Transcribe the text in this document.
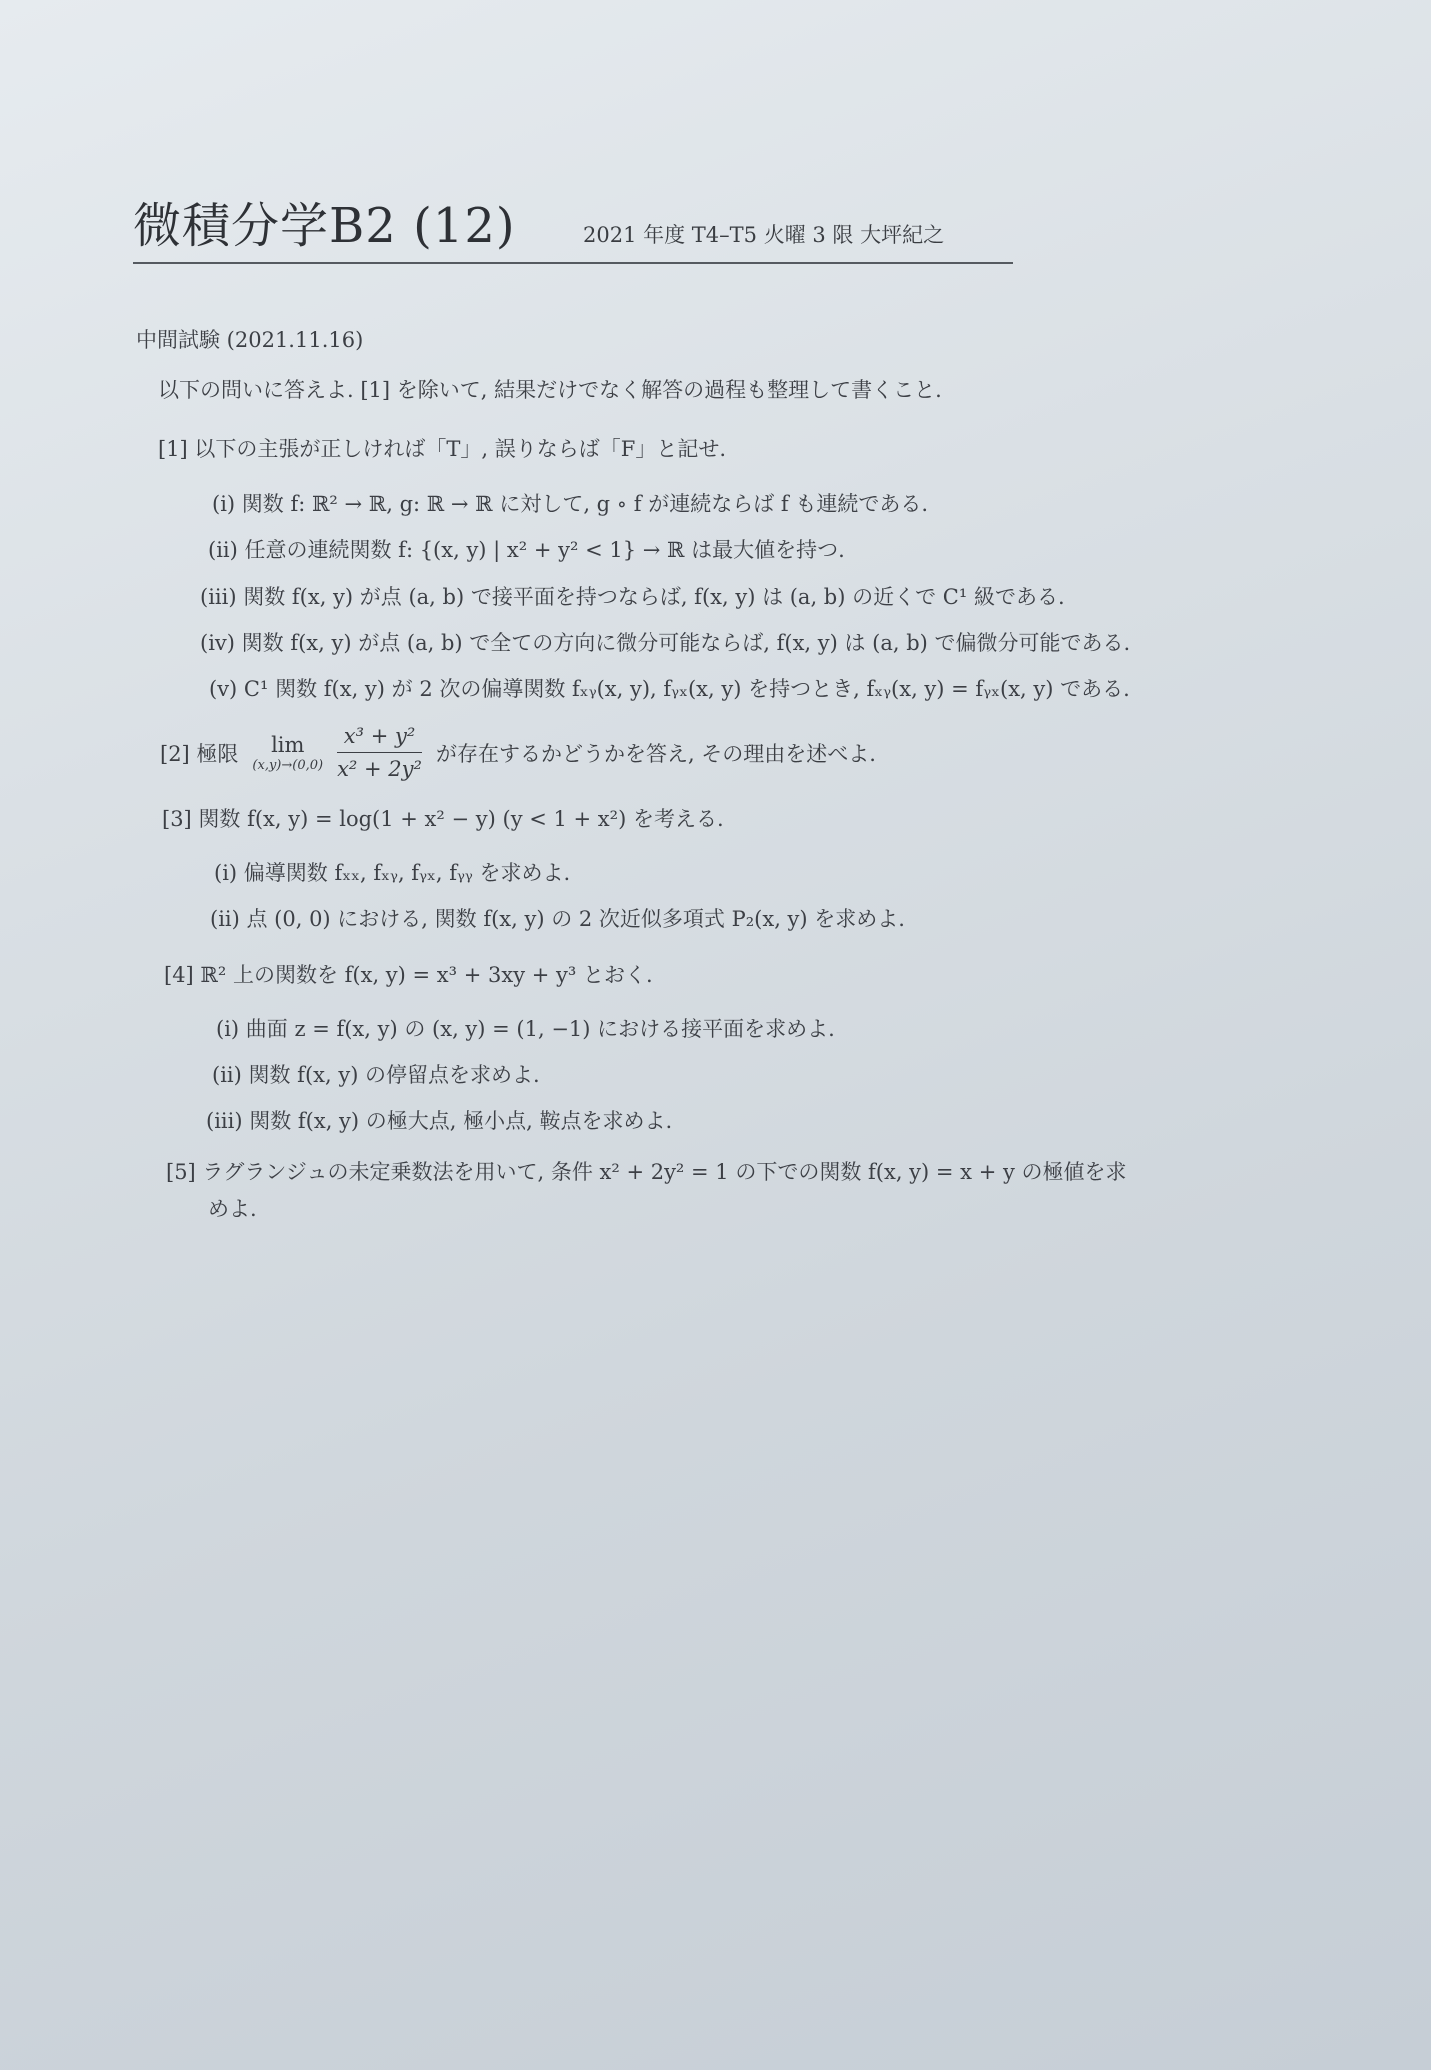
微積分学B2 (12)	2021 年度 T4–T5 火曜 3 限 大坪紀之
中間試験 (2021.11.16)
以下の問いに答えよ. [1] を除いて, 結果だけでなく解答の過程も整理して書くこと.
[1] 以下の主張が正しければ「T」, 誤りならば「F」と記せ.
(i) 関数 f: ℝ² → ℝ, g: ℝ → ℝ に対して, g ∘ f が連続ならば f も連続である.
(ii) 任意の連続関数 f: {(x, y) | x² + y² < 1} → ℝ は最大値を持つ.
(iii) 関数 f(x, y) が点 (a, b) で接平面を持つならば, f(x, y) は (a, b) の近くで C¹ 級である.
(iv) 関数 f(x, y) が点 (a, b) で全ての方向に微分可能ならば, f(x, y) は (a, b) で偏微分可能である.
(v) C¹ 関数 f(x, y) が 2 次の偏導関数 fₓᵧ(x, y), fᵧₓ(x, y) を持つとき, fₓᵧ(x, y) = fᵧₓ(x, y) である.
[2] 極限	lim
$(x,y)\to(0,0) \frac{\text{x³ + y²}}{\text{x² + 2y²}}$ が存在するかどうかを答え, その理由を述べよ.
[3] 関数 f(x, y) = log(1 + x² − y) (y < 1 + x²) を考える.
(i) 偏導関数 fₓₓ, fₓᵧ, fᵧₓ, fᵧᵧ を求めよ.
(ii) 点 (0, 0) における, 関数 f(x, y) の 2 次近似多項式 P₂(x, y) を求めよ.
[4] ℝ² 上の関数を f(x, y) = x³ + 3xy + y³ とおく.
(i) 曲面 z = f(x, y) の (x, y) = (1, −1) における接平面を求めよ.
(ii) 関数 f(x, y) の停留点を求めよ.
(iii) 関数 f(x, y) の極大点, 極小点, 鞍点を求めよ.
[5] ラグランジュの未定乗数法を用いて, 条件 x² + 2y² = 1 の下での関数 f(x, y) = x + y の極値を求
めよ.
